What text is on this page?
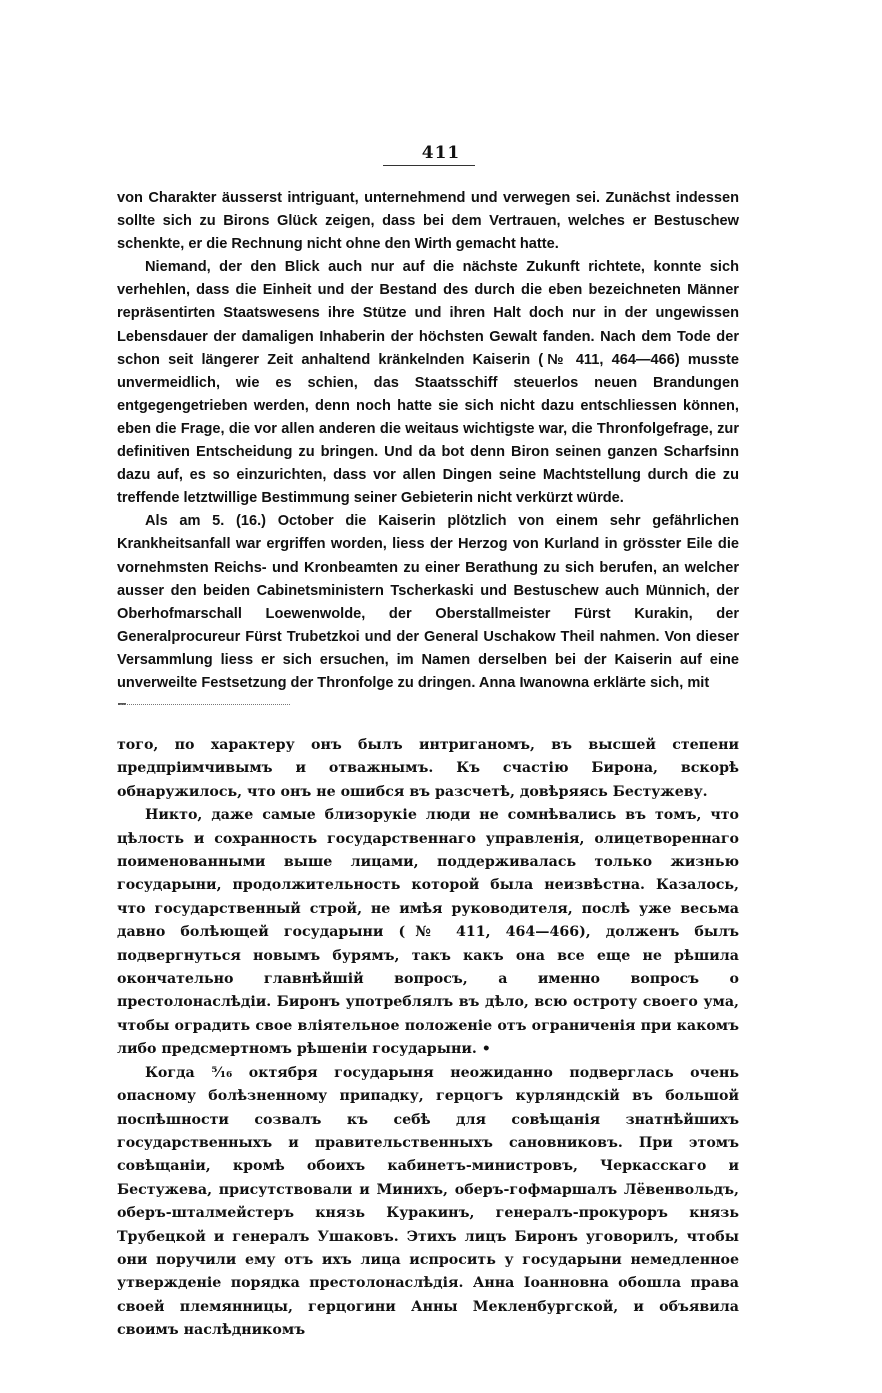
411

von Charakter äusserst intriguant, unternehmend und verwegen sei. Zunächst indessen sollte sich zu Birons Glück zeigen, dass bei dem Vertrauen, welches er Bestuschew schenkte, er die Rechnung nicht ohne den Wirth gemacht hatte.

Niemand, der den Blick auch nur auf die nächste Zukunft richtete, konnte sich verhehlen, dass die Einheit und der Bestand des durch die eben bezeichneten Männer repräsentirten Staatswesens ihre Stütze und ihren Halt doch nur in der ungewissen Lebensdauer der damaligen Inhaberin der höchsten Gewalt fanden. Nach dem Tode der schon seit längerer Zeit anhaltend kränkelnden Kaiserin (№ 411, 464—466) musste unvermeidlich, wie es schien, das Staatsschiff steuerlos neuen Brandungen entgegengetrieben werden, denn noch hatte sie sich nicht dazu entschliessen können, eben die Frage, die vor allen anderen die weitaus wichtigste war, die Thronfolgefrage, zur definitiven Entscheidung zu bringen. Und da bot denn Biron seinen ganzen Scharfsinn dazu auf, es so einzurichten, dass vor allen Dingen seine Machtstellung durch die zu treffende letztwillige Bestimmung seiner Gebieterin nicht verkürzt würde.

Als am 5. (16.) October die Kaiserin plötzlich von einem sehr gefährlichen Krankheitsanfall war ergriffen worden, liess der Herzog von Kurland in grösster Eile die vornehmsten Reichs- und Kronbeamten zu einer Berathung zu sich berufen, an welcher ausser den beiden Cabinetsministern Tscherkaski und Bestuschew auch Münnich, der Oberhofmarschall Loewenwolde, der Oberstallmeister Fürst Kurakin, der Generalprocureur Fürst Trubetzkoi und der General Uschakow Theil nahmen. Von dieser Versammlung liess er sich ersuchen, im Namen derselben bei der Kaiserin auf eine unverweilte Festsetzung der Thronfolge zu dringen. Anna Iwanowna erklärte sich, mit

того, по характеру онъ былъ интриганомъ, въ высшей степени предпріимчивымъ и отважнымъ. Къ счастію Бирона, вскорѣ обнаружилось, что онъ не ошибся въ разсчетѣ, довѣряясь Бестужеву.

Никто, даже самые близорукіе люди не сомнѣвались въ томъ, что цѣлость и сохранность государственнаго управленія, олицетвореннаго поименованными выше лицами, поддерживалась только жизнью государыни, продолжительность которой была неизвѣстна. Казалось, что государственный строй, не имѣя руководителя, послѣ уже весьма давно болѣющей государыни (№ 411, 464—466), долженъ былъ подвергнуться новымъ бурямъ, такъ какъ она все еще не рѣшила окончательно главнѣйшій вопросъ, а именно вопросъ о престолонаслѣдіи. Биронъ употреблялъ въ дѣло, всю остроту своего ума, чтобы оградить свое вліятельное положеніе отъ ограниченія при какомъ либо предсмертномъ рѣшеніи государыни. •

Когда ⁵⁄₁₆ октября государыня неожиданно подверглась очень опасному болѣзненному припадку, герцогъ курляндскій въ большой поспѣшности созвалъ къ себѣ для совѣщанія знатнѣйшихъ государственныхъ и правительственныхъ сановниковъ. При этомъ совѣщаніи, кромѣ обоихъ кабинетъ-министровъ, Черкасскаго и Бестужева, присутствовали и Минихъ, оберъ-гофмаршалъ Лёвенвольдъ, оберъ-шталмейстеръ князь Куракинъ, генералъ-прокуроръ князь Трубецкой и генералъ Ушаковъ. Этихъ лицъ Биронъ уговорилъ, чтобы они поручили ему отъ ихъ лица испросить у государыни немедленное утвержденіе порядка престолонаслѣдія. Анна Іоанновна обошла права своей племянницы, герцогини Анны Мекленбургской, и объявила своимъ наслѣдникомъ
